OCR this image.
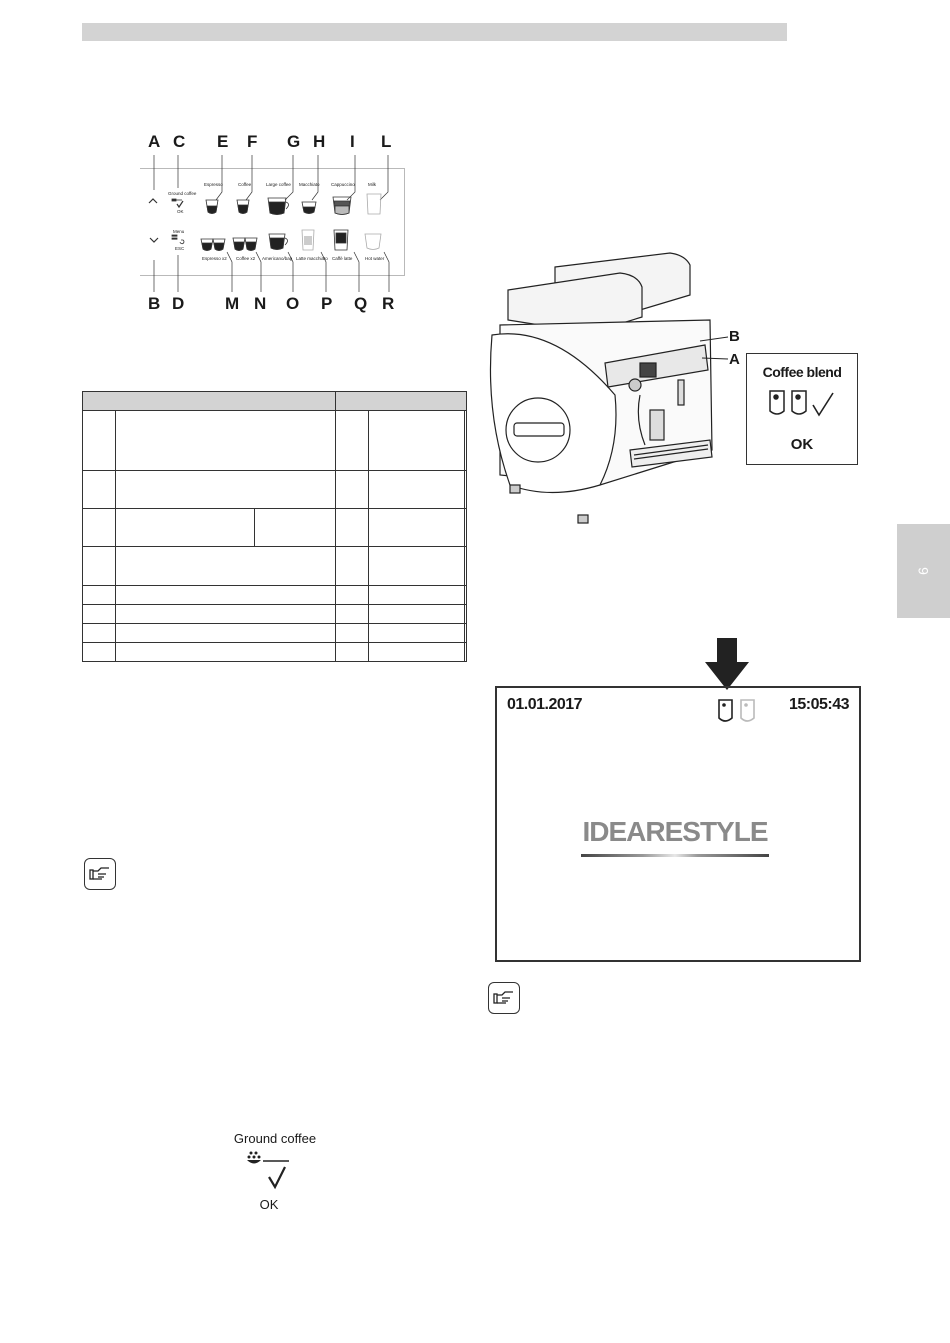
9
A C E F G H I L
B D M N O P Q R
Ground coffee
OK
Menu
ESC
Espresso	Coffee	Large coffee Macchiato	Cappuccino	Milk
Espresso x2 Coffee x2 Americano/bag Latte macchiato Caffè latte	Hot water

B
A
Coffee blend
OK
01.01.2017	15:05:43
IDEARESTYLE
Ground coffee
OK
